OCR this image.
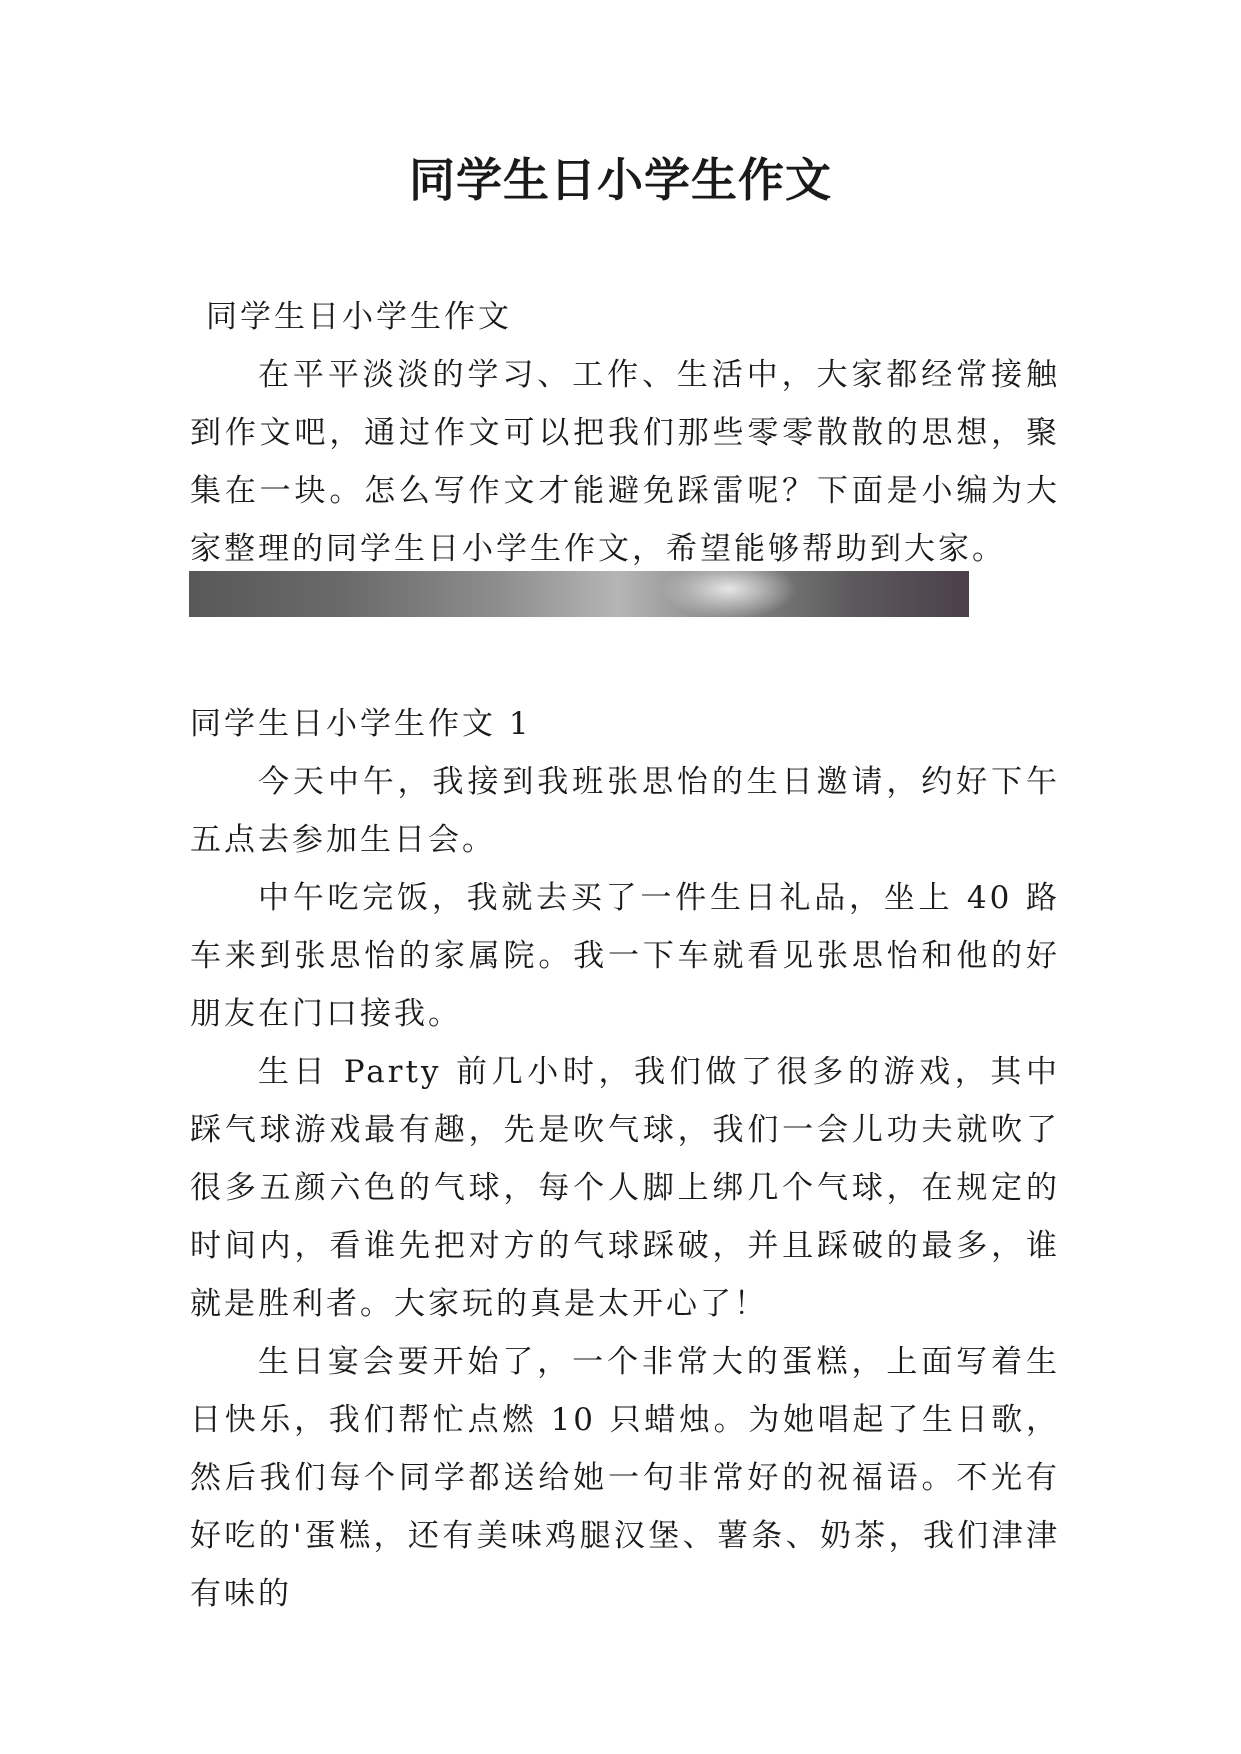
同学生日小学生作文

同学生日小学生作文

在平平淡淡的学习、工作、生活中，大家都经常接触到作文吧，通过作文可以把我们那些零零散散的思想，聚集在一块。怎么写作文才能避免踩雷呢？下面是小编为大家整理的同学生日小学生作文，希望能够帮助到大家。

同学生日小学生作文 1

今天中午，我接到我班张思怡的生日邀请，约好下午五点去参加生日会。

中午吃完饭，我就去买了一件生日礼品，坐上 40 路车来到张思怡的家属院。我一下车就看见张思怡和他的好朋友在门口接我。

生日 Party 前几小时，我们做了很多的游戏，其中踩气球游戏最有趣，先是吹气球，我们一会儿功夫就吹了很多五颜六色的气球，每个人脚上绑几个气球，在规定的时间内，看谁先把对方的气球踩破，并且踩破的最多，谁就是胜利者。大家玩的真是太开心了！

生日宴会要开始了，一个非常大的蛋糕，上面写着生日快乐，我们帮忙点燃 10 只蜡烛。为她唱起了生日歌，然后我们每个同学都送给她一句非常好的祝福语。不光有好吃的'蛋糕，还有美味鸡腿汉堡、薯条、奶茶，我们津津有味的
